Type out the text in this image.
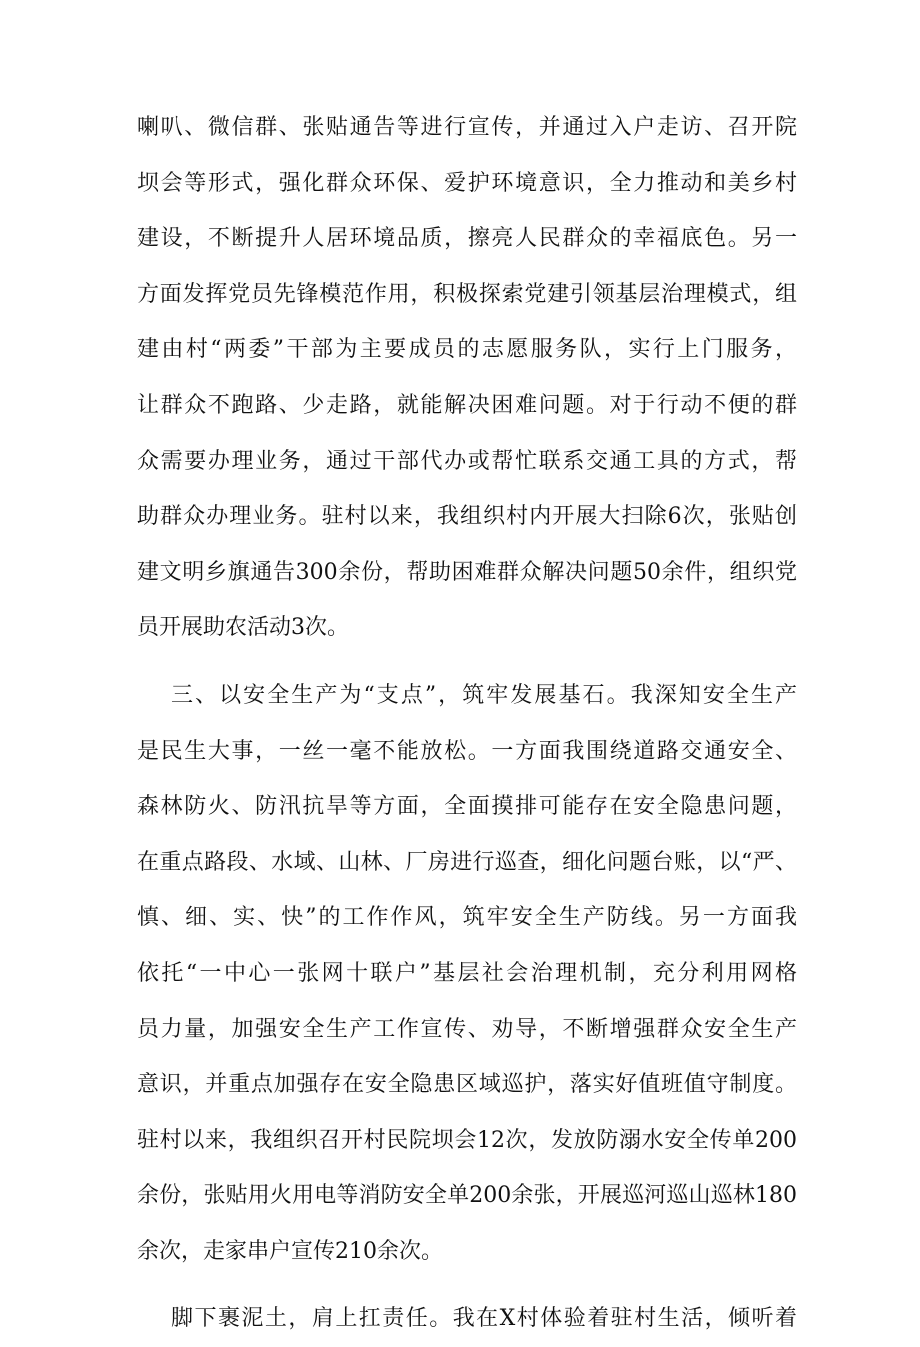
喇叭、微信群、张贴通告等进行宣传，并通过入户走访、召开院
坝会等形式，强化群众环保、爱护环境意识，全力推动和美乡村
建设，不断提升人居环境品质，擦亮人民群众的幸福底色。另一
方面发挥党员先锋模范作用，积极探索党建引领基层治理模式，组
建由村“两委”干部为主要成员的志愿服务队，实行上门服务，
让群众不跑路、少走路，就能解决困难问题。对于行动不便的群
众需要办理业务，通过干部代办或帮忙联系交通工具的方式，帮
助群众办理业务。驻村以来，我组织村内开展大扫除6次，张贴创
建文明乡旗通告300余份，帮助困难群众解决问题50余件，组织党
员开展助农活动3次。
三、以安全生产为“支点”，筑牢发展基石。我深知安全生产
是民生大事，一丝一毫不能放松。一方面我围绕道路交通安全、
森林防火、防汛抗旱等方面，全面摸排可能存在安全隐患问题，
在重点路段、水域、山林、厂房进行巡查，细化问题台账，以“严、
慎、细、实、快”的工作作风，筑牢安全生产防线。另一方面我
依托“一中心一张网十联户”基层社会治理机制，充分利用网格
员力量，加强安全生产工作宣传、劝导，不断增强群众安全生产
意识，并重点加强存在安全隐患区域巡护，落实好值班值守制度。
驻村以来，我组织召开村民院坝会12次，发放防溺水安全传单200
余份，张贴用火用电等消防安全单200余张，开展巡河巡山巡林180
余次，走家串户宣传210余次。
脚下裹泥土，肩上扛责任。我在X村体验着驻村生活，倾听着
